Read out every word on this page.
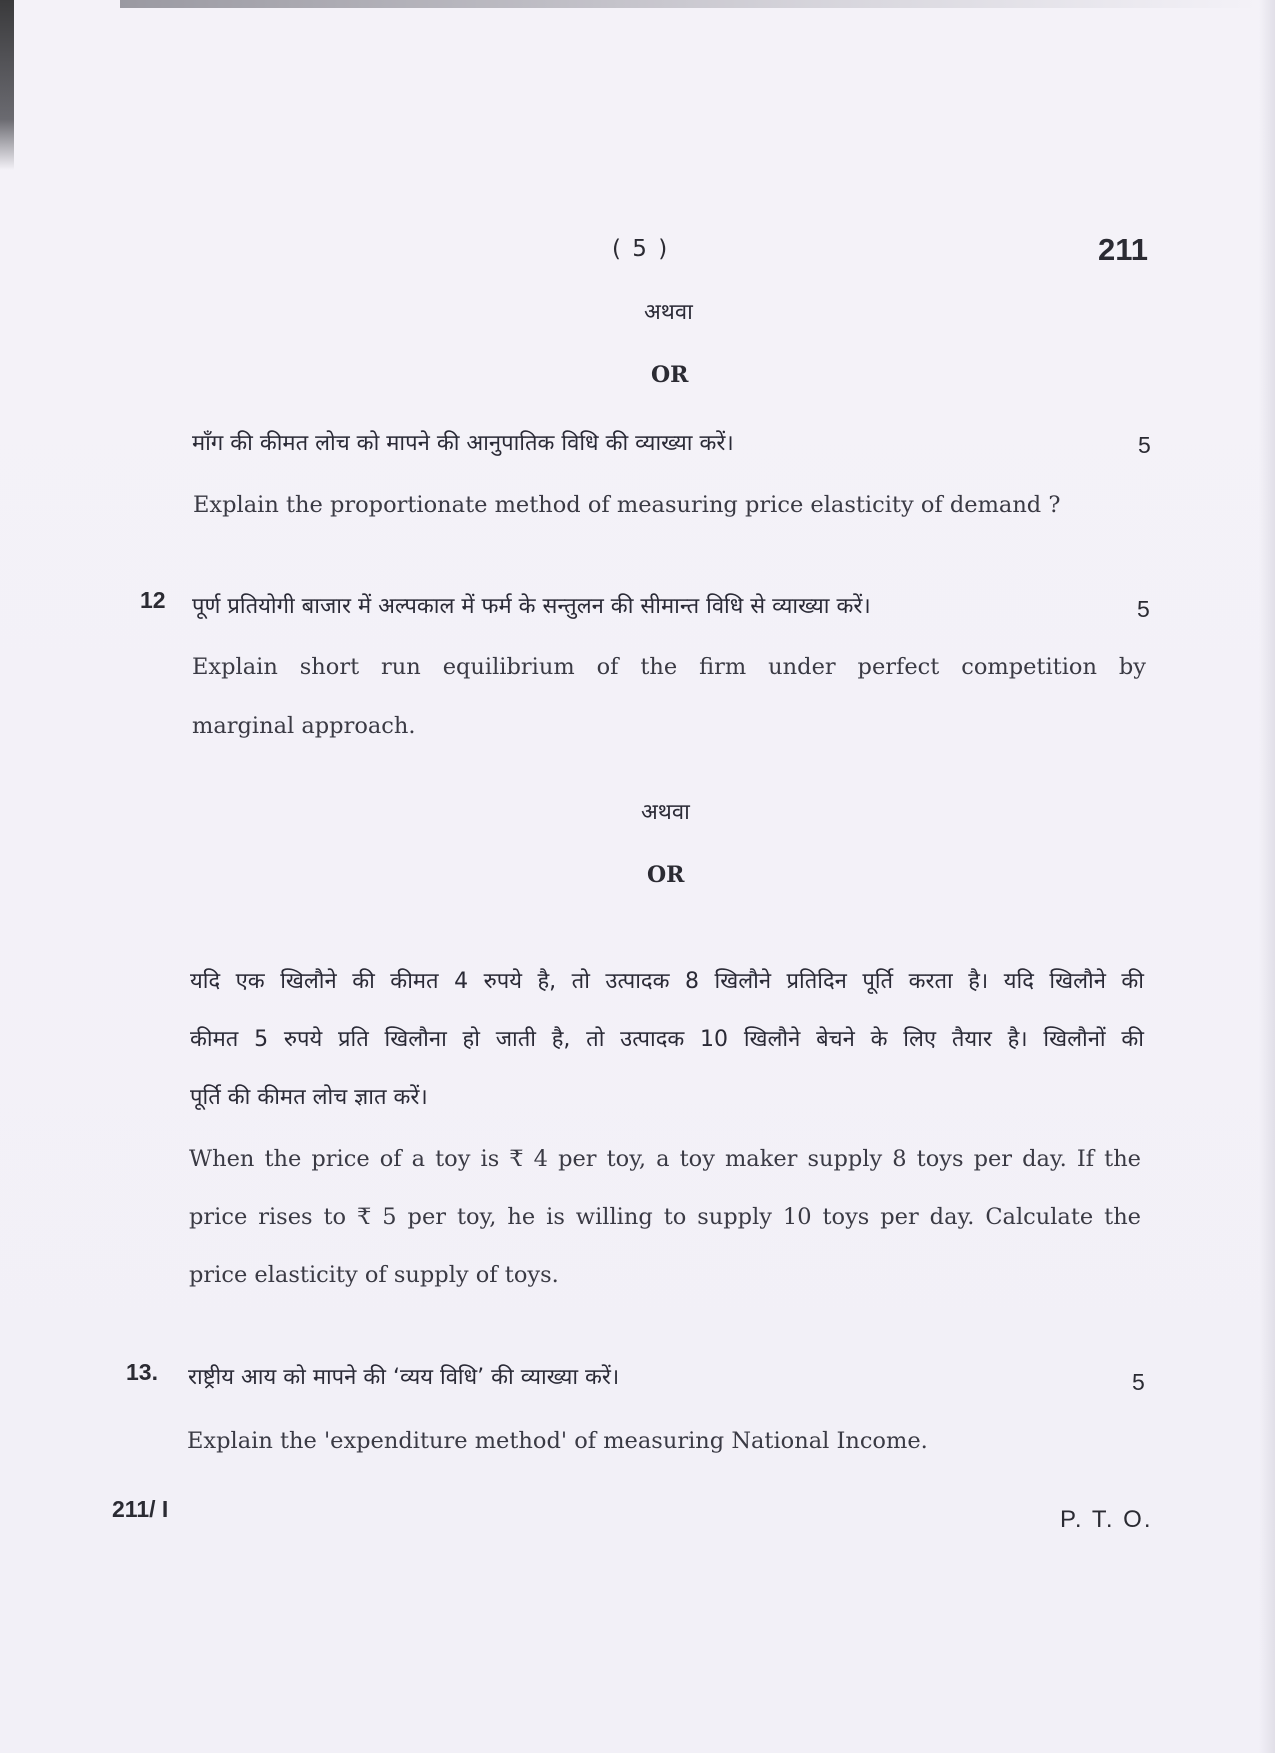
( 5 )	211
अथवा
OR
माँग की कीमत लोच को मापने की आनुपातिक विधि की व्याख्या करें।	5
Explain the proportionate method of measuring price elasticity of demand ?
12 पूर्ण प्रतियोगी बाजार में अल्पकाल में फर्म के सन्तुलन की सीमान्त विधि से व्याख्या करें।	5
Explain short run equilibrium of the firm under perfect competition by
marginal approach.
अथवा
OR
यदि एक खिलौने की कीमत 4 रुपये है, तो उत्पादक 8 खिलौने प्रतिदिन पूर्ति करता है। यदि खिलौने की
कीमत 5 रुपये प्रति खिलौना हो जाती है, तो उत्पादक 10 खिलौने बेचने के लिए तैयार है। खिलौनों की
पूर्ति की कीमत लोच ज्ञात करें।
When the price of a toy is ₹ 4 per toy, a toy maker supply 8 toys per day. If the
price rises to ₹ 5 per toy, he is willing to supply 10 toys per day. Calculate the
price elasticity of supply of toys.
13. राष्ट्रीय आय को मापने की ‘व्यय विधि’ की व्याख्या करें।	5
Explain the 'expenditure method' of measuring National Income.
211/ I	P. T. O.
